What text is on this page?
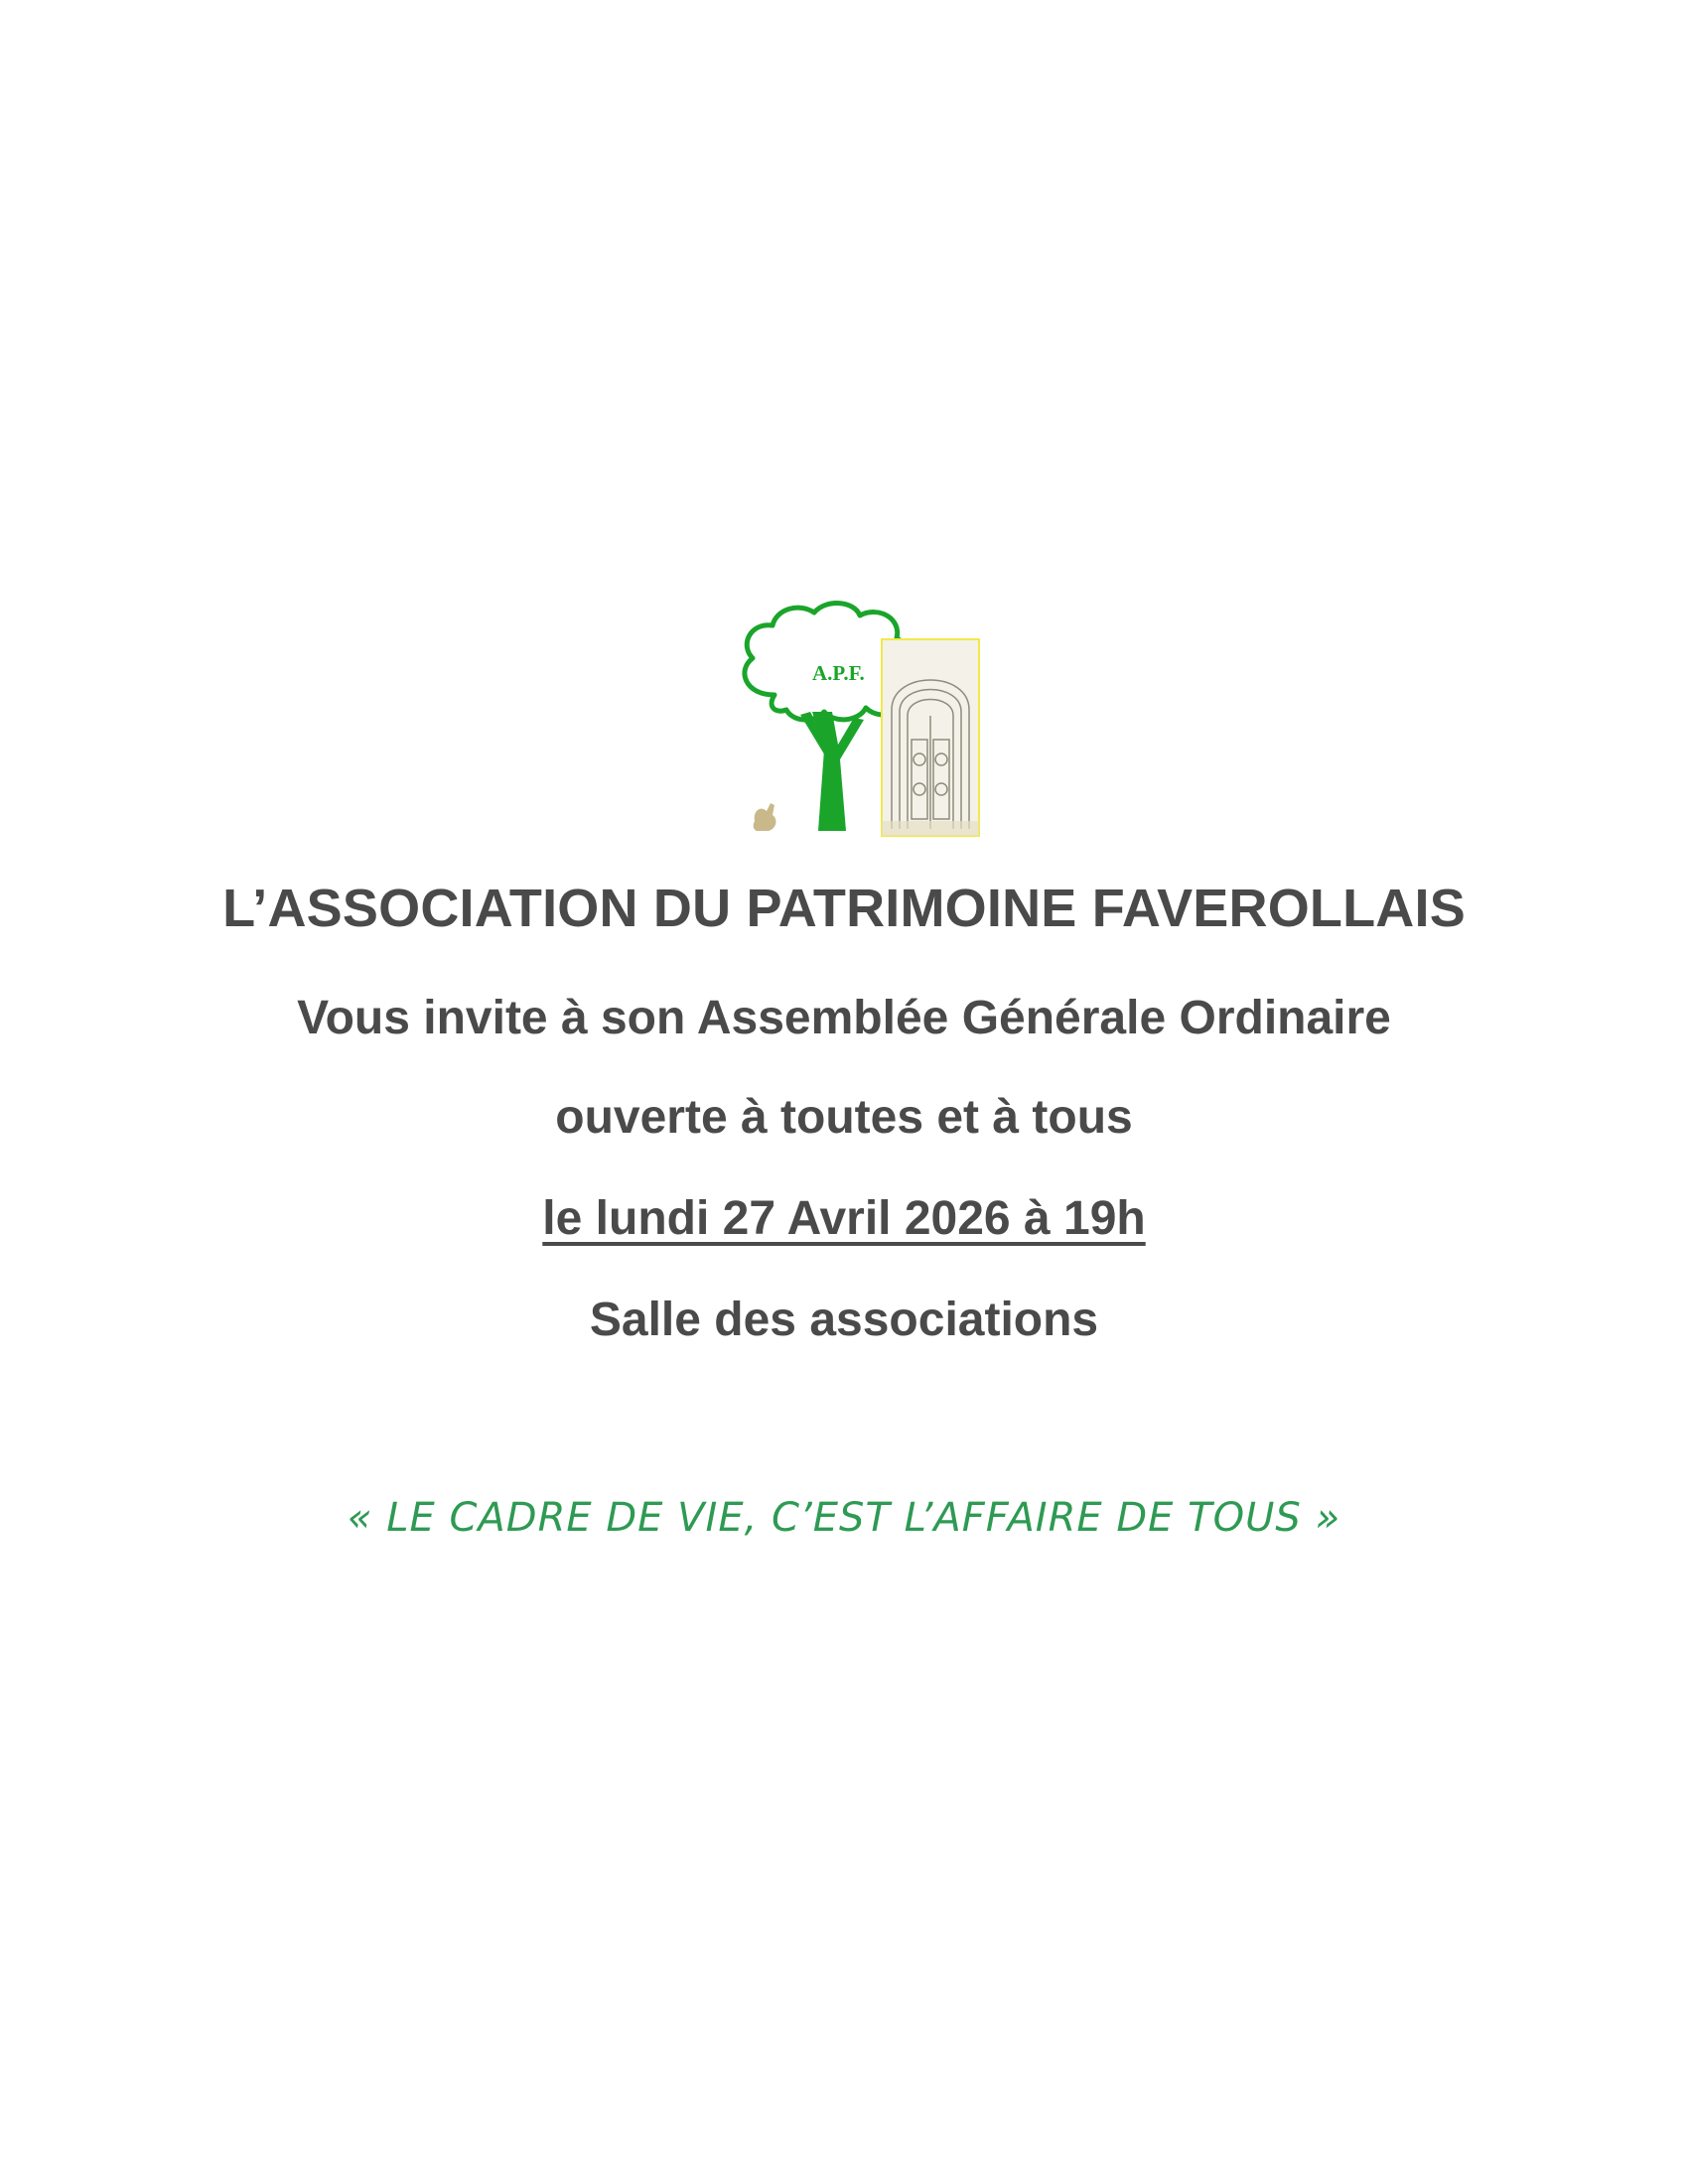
A.P.F.
L’ASSOCIATION DU PATRIMOINE FAVEROLLAIS
Vous invite à son Assemblée Générale Ordinaire
ouverte à toutes et à tous
le lundi 27 Avril 2026 à 19h
Salle des associations
« LE CADRE DE VIE, C’EST L’AFFAIRE DE TOUS »
